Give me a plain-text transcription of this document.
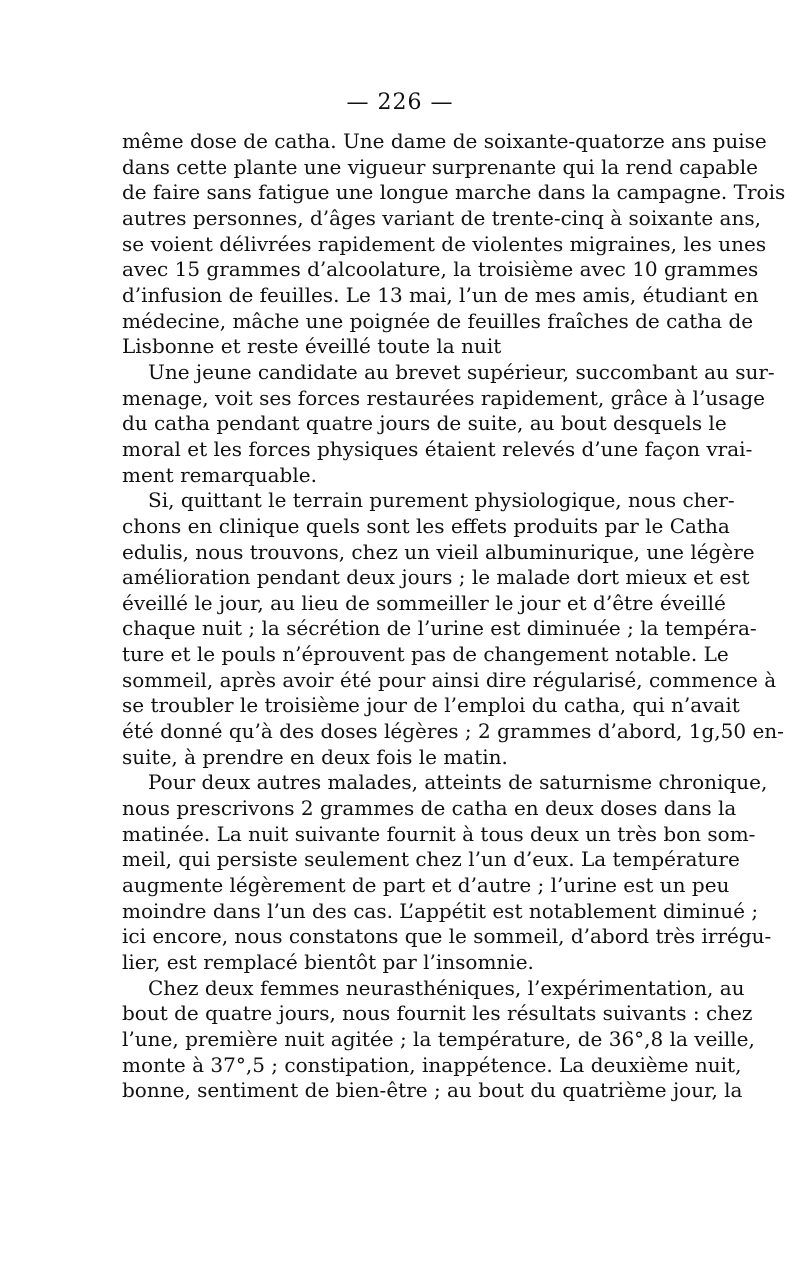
— 226 —
même dose de catha. Une dame de soixante-quatorze ans puise
dans cette plante une vigueur surprenante qui la rend capable
de faire sans fatigue une longue marche dans la campagne. Trois
autres personnes, d’âges variant de trente-cinq à soixante ans,
se voient délivrées rapidement de violentes migraines, les unes
avec 15 grammes d’alcoolature, la troisième avec 10 grammes
d’infusion de feuilles. Le 13 mai, l’un de mes amis, étudiant en
médecine, mâche une poignée de feuilles fraîches de catha de
Lisbonne et reste éveillé toute la nuit
Une jeune candidate au brevet supérieur, succombant au sur-
menage, voit ses forces restaurées rapidement, grâce à l’usage
du catha pendant quatre jours de suite, au bout desquels le
moral et les forces physiques étaient relevés d’une façon vrai-
ment remarquable.
Si, quittant le terrain purement physiologique, nous cher-
chons en clinique quels sont les effets produits par le Catha
edulis, nous trouvons, chez un vieil albuminurique, une légère
amélioration pendant deux jours ; le malade dort mieux et est
éveillé le jour, au lieu de sommeiller le jour et d’être éveillé
chaque nuit ; la sécrétion de l’urine est diminuée ; la tempéra-
ture et le pouls n’éprouvent pas de changement notable. Le
sommeil, après avoir été pour ainsi dire régularisé, commence à
se troubler le troisième jour de l’emploi du catha, qui n’avait
été donné qu’à des doses légères ; 2 grammes d’abord, 1g,50 en-
suite, à prendre en deux fois le matin.
Pour deux autres malades, atteints de saturnisme chronique,
nous prescrivons 2 grammes de catha en deux doses dans la
matinée. La nuit suivante fournit à tous deux un très bon som-
meil, qui persiste seulement chez l’un d’eux. La température
augmente légèrement de part et d’autre ; l’urine est un peu
moindre dans l’un des cas. L’appétit est notablement diminué ;
ici encore, nous constatons que le sommeil, d’abord très irrégu-
lier, est remplacé bientôt par l’insomnie.
Chez deux femmes neurasthéniques, l’expérimentation, au
bout de quatre jours, nous fournit les résultats suivants : chez
l’une, première nuit agitée ; la température, de 36°,8 la veille,
monte à 37°,5 ; constipation, inappétence. La deuxième nuit,
bonne, sentiment de bien-être ; au bout du quatrième jour, la
